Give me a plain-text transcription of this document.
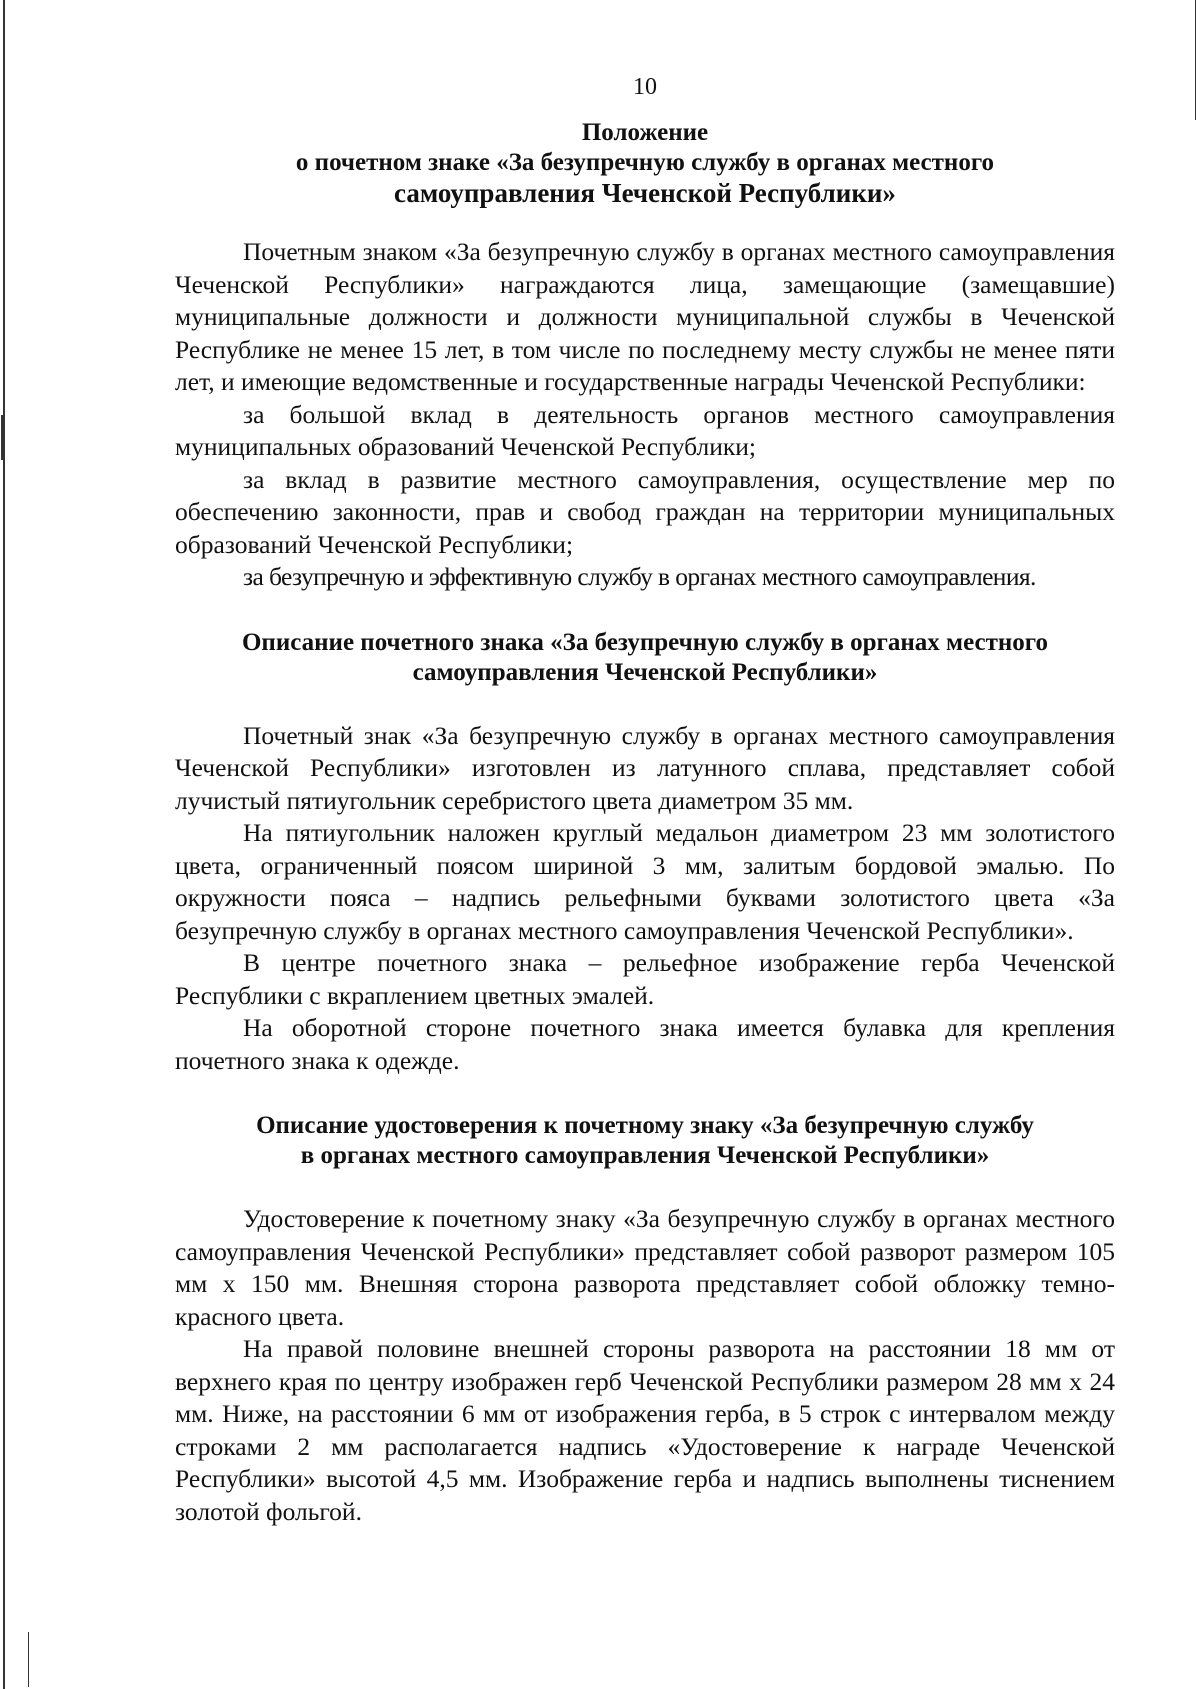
10
Положение
о почетном знаке «За безупречную службу в органах местного
самоуправления Чеченской Республики»

Почетным знаком «За безупречную службу в органах местного самоуправления Чеченской Республики» награждаются лица, замещающие (замещавшие) муниципальные должности и должности муниципальной службы в Чеченской Республике не менее 15 лет, в том числе по последнему месту службы не менее пяти лет, и имеющие ведомственные и государственные награды Чеченской Республики:

за большой вклад в деятельность органов местного самоуправления муниципальных образований Чеченской Республики;

за вклад в развитие местного самоуправления, осуществление мер по обеспечению законности, прав и свобод граждан на территории муниципальных образований Чеченской Республики;

за безупречную и эффективную службу в органах местного самоуправления.

Описание почетного знака «За безупречную службу в органах местного
самоуправления Чеченской Республики»

Почетный знак «За безупречную службу в органах местного самоуправления Чеченской Республики» изготовлен из латунного сплава, представляет собой лучистый пятиугольник серебристого цвета диаметром 35 мм.

На пятиугольник наложен круглый медальон диаметром 23 мм золотистого цвета, ограниченный поясом шириной 3 мм, залитым бордовой эмалью. По окружности пояса – надпись рельефными буквами золотистого цвета «За безупречную службу в органах местного самоуправления Чеченской Республики».

В центре почетного знака – рельефное изображение герба Чеченской Республики с вкраплением цветных эмалей.

На оборотной стороне почетного знака имеется булавка для крепления почетного знака к одежде.

Описание удостоверения к почетному знаку «За безупречную службу
в органах местного самоуправления Чеченской Республики»

Удостоверение к почетному знаку «За безупречную службу в органах местного самоуправления Чеченской Республики» представляет собой разворот размером 105 мм х 150 мм. Внешняя сторона разворота представляет собой обложку темно-красного цвета.

На правой половине внешней стороны разворота на расстоянии 18 мм от верхнего края по центру изображен герб Чеченской Республики размером 28 мм х 24 мм. Ниже, на расстоянии 6 мм от изображения герба, в 5 строк с интервалом между строками 2 мм располагается надпись «Удостоверение к награде Чеченской Республики» высотой 4,5 мм. Изображение герба и надпись выполнены тиснением золотой фольгой.
